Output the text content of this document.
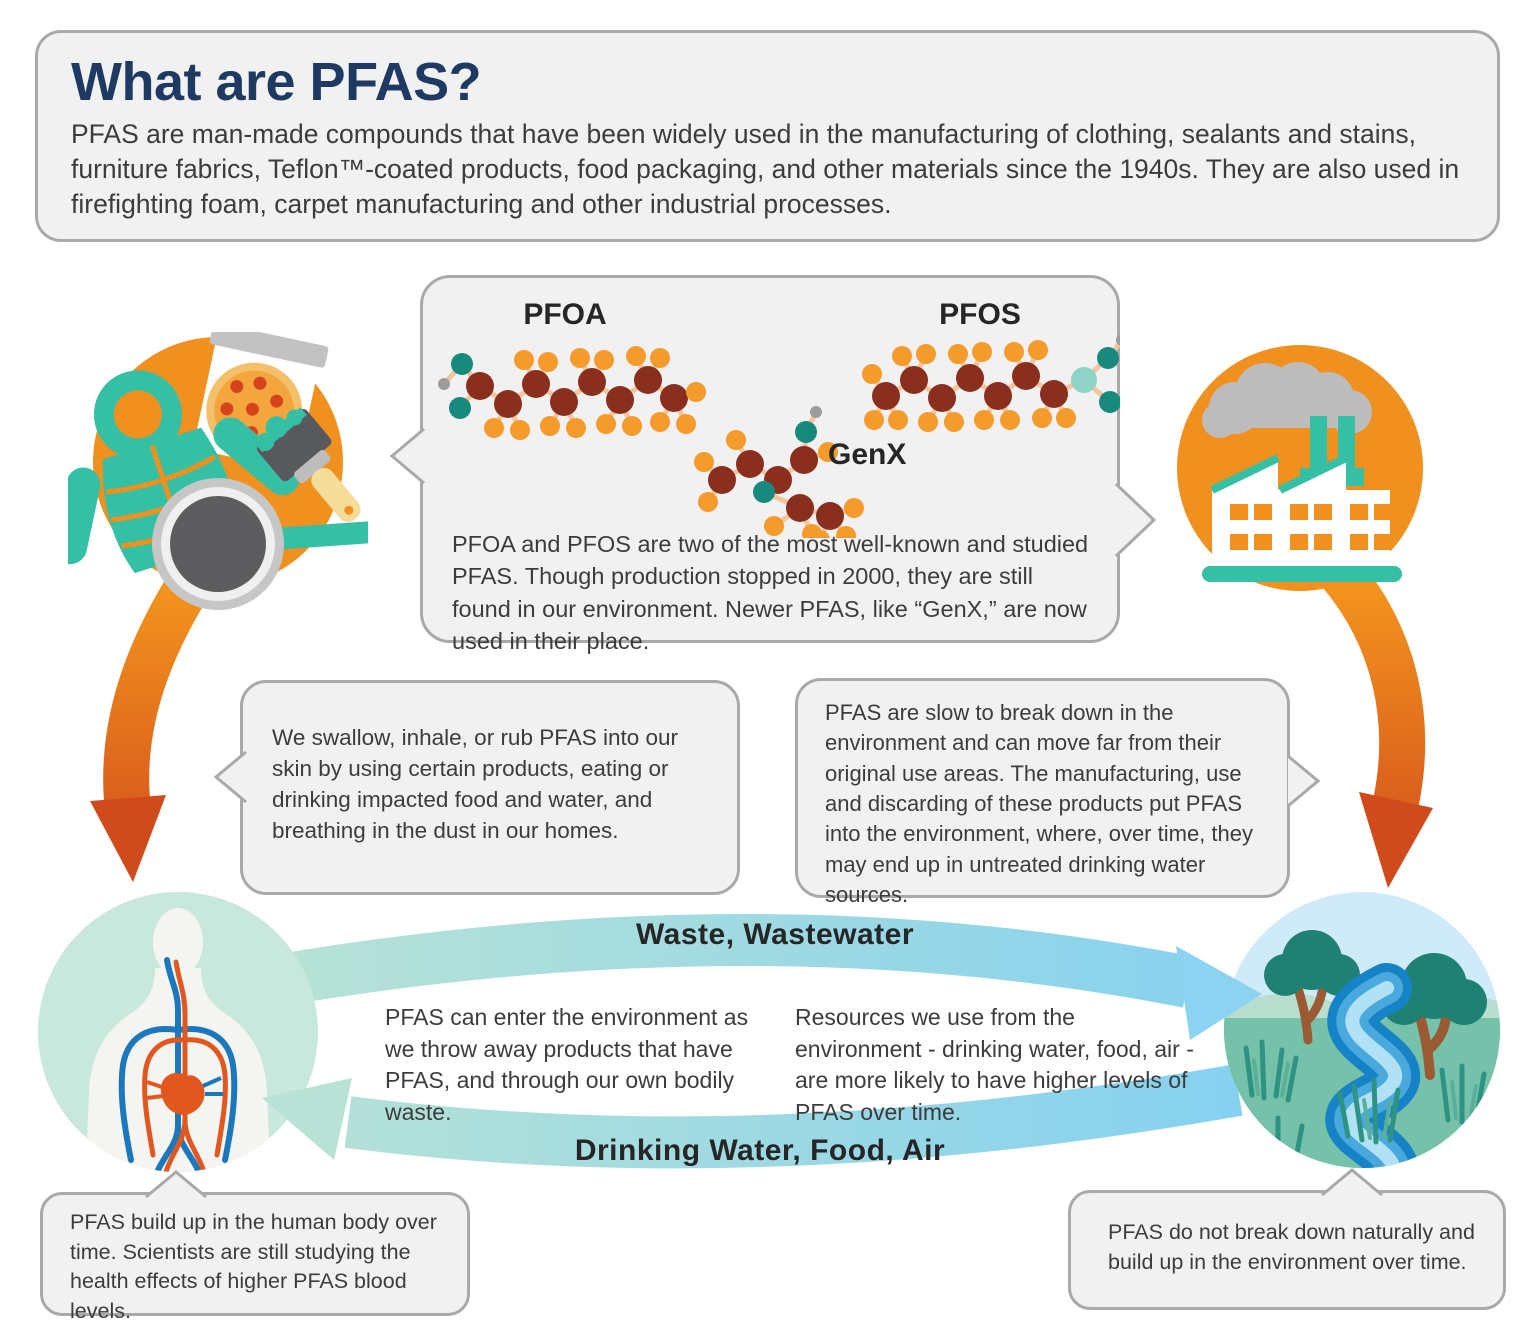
What are PFAS?

PFAS are man-made compounds that have been widely used in the manufacturing of clothing, sealants and stains, furniture fabrics, Teflon™-coated products, food packaging, and other materials since the 1940s. They are also used in firefighting foam, carpet manufacturing and other industrial processes.

PFOA	PFOS
GenX

PFOA and PFOS are two of the most well-known and studied PFAS. Though production stopped in 2000, they are still found in our environment. Newer PFAS, like “GenX,” are now used in their place.

We swallow, inhale, or rub PFAS into our skin by using certain products, eating or drinking impacted food and water, and breathing in the dust in our homes.

PFAS are slow to break down in the environment and can move far from their original use areas. The manufacturing, use and discarding of these products put PFAS into the environment, where, over time, they may end up in untreated drinking water sources.

Waste, Wastewater
Drinking Water, Food, Air

PFAS can enter the environment as we throw away products that have PFAS, and through our own bodily waste.

Resources we use from the environment - drinking water, food, air - are more likely to have higher levels of PFAS over time.

PFAS build up in the human body over time. Scientists are still studying the health effects of higher PFAS blood levels.

PFAS do not break down naturally and build up in the environment over time.
